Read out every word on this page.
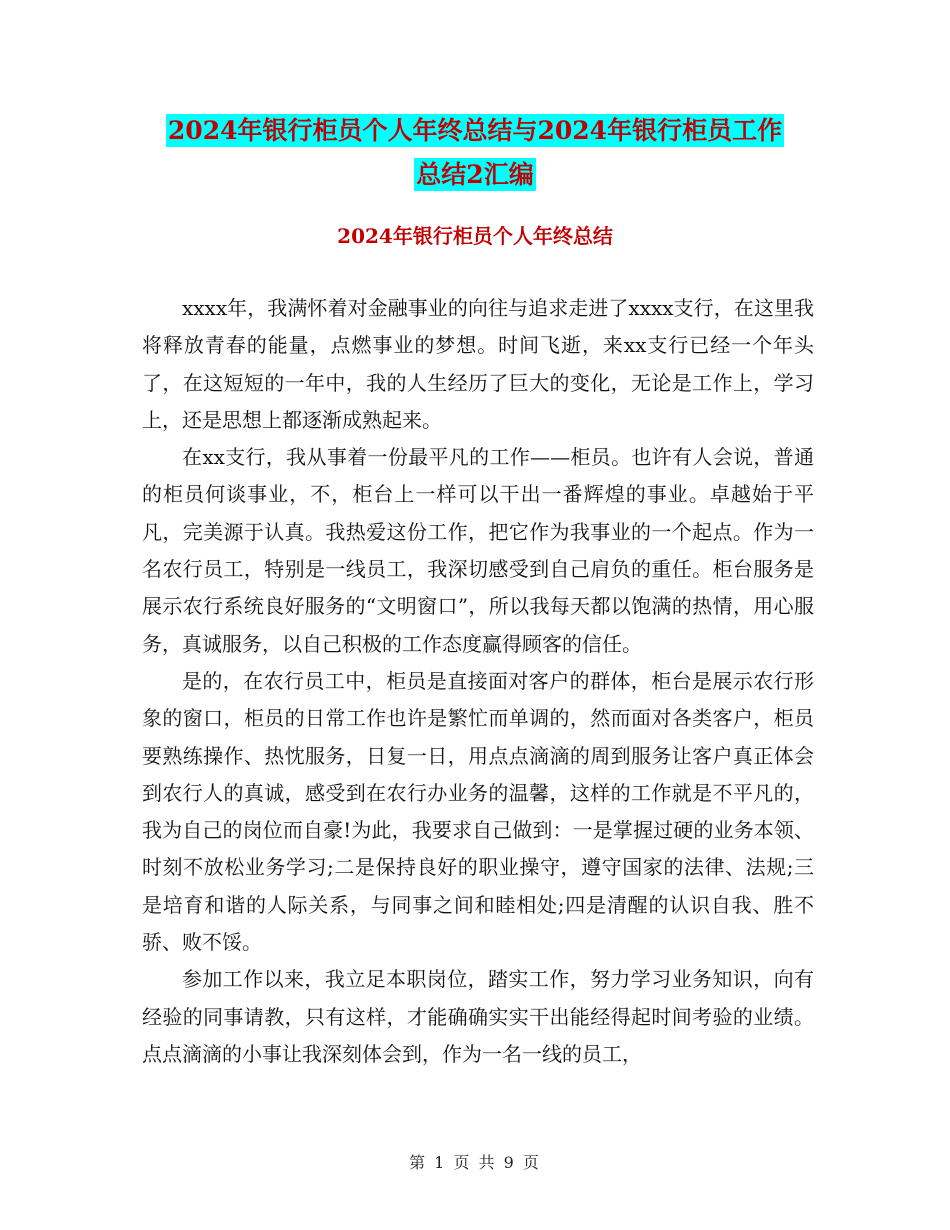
2024年银行柜员个人年终总结与2024年银行柜员工作
总结2汇编
2024年银行柜员个人年终总结

xxxx年，我满怀着对金融事业的向往与追求走进了xxxx支行，在这里我将释放青春的能量，点燃事业的梦想。时间飞逝，来xx支行已经一个年头了，在这短短的一年中，我的人生经历了巨大的变化，无论是工作上，学习上，还是思想上都逐渐成熟起来。

在xx支行，我从事着一份最平凡的工作——柜员。也许有人会说，普通的柜员何谈事业，不，柜台上一样可以干出一番辉煌的事业。卓越始于平凡，完美源于认真。我热爱这份工作，把它作为我事业的一个起点。作为一名农行员工，特别是一线员工，我深切感受到自己肩负的重任。柜台服务是展示农行系统良好服务的“文明窗口”，所以我每天都以饱满的热情，用心服务，真诚服务，以自己积极的工作态度赢得顾客的信任。

是的，在农行员工中，柜员是直接面对客户的群体，柜台是展示农行形象的窗口，柜员的日常工作也许是繁忙而单调的，然而面对各类客户，柜员要熟练操作、热忱服务，日复一日，用点点滴滴的周到服务让客户真正体会到农行人的真诚，感受到在农行办业务的温馨，这样的工作就是不平凡的，我为自己的岗位而自豪!为此，我要求自己做到：一是掌握过硬的业务本领、时刻不放松业务学习;二是保持良好的职业操守，遵守国家的法律、法规;三是培育和谐的人际关系，与同事之间和睦相处;四是清醒的认识自我、胜不骄、败不馁。

参加工作以来，我立足本职岗位，踏实工作，努力学习业务知识，向有经验的同事请教，只有这样，才能确确实实干出能经得起时间考验的业绩。点点滴滴的小事让我深刻体会到，作为一名一线的员工，

第 1 页 共 9 页
